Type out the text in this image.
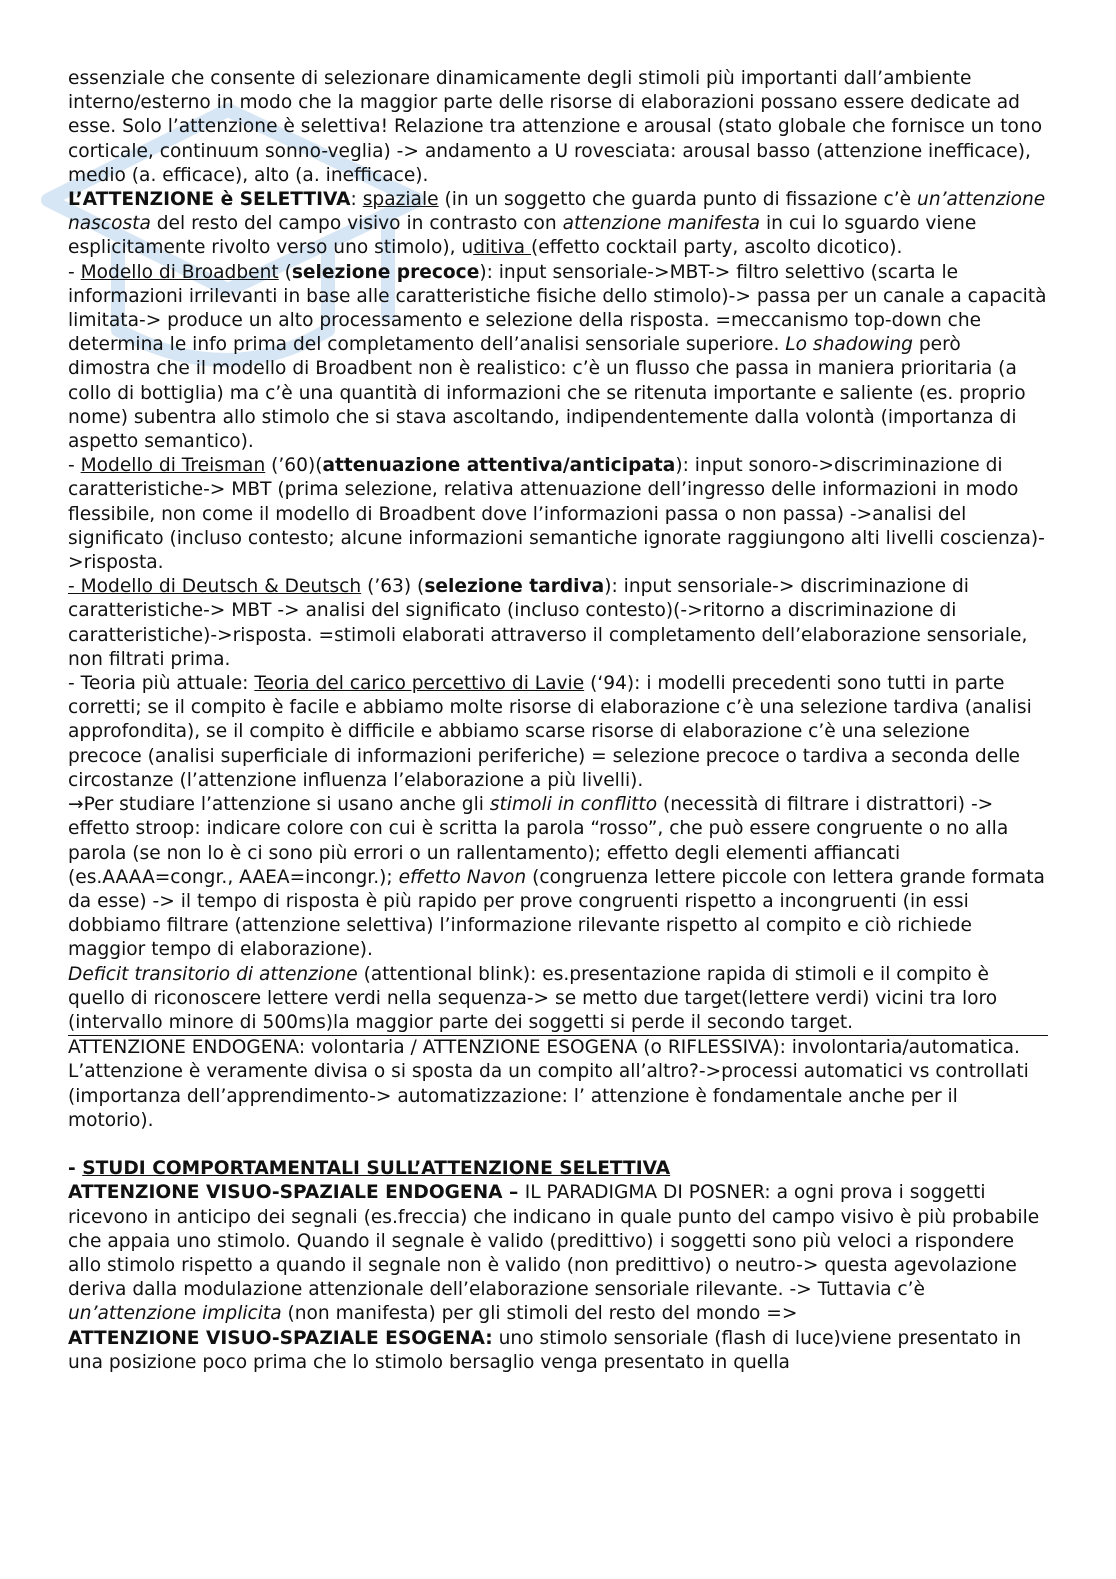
essenziale che consente di selezionare dinamicamente degli stimoli più importanti dall’ambiente interno/esterno in modo che la maggior parte delle risorse di elaborazioni possano essere dedicate ad esse. Solo l’attenzione è selettiva! Relazione tra attenzione e arousal (stato globale che fornisce un tono corticale, continuum sonno-veglia) -> andamento a U rovesciata: arousal basso (attenzione inefficace), medio (a. efficace), alto (a. inefficace).

L’ATTENZIONE è SELETTIVA: spaziale (in un soggetto che guarda punto di fissazione c’è un’attenzione nascosta del resto del campo visivo in contrasto con attenzione manifesta in cui lo sguardo viene esplicitamente rivolto verso uno stimolo), uditiva (effetto cocktail party, ascolto dicotico).

- Modello di Broadbent (selezione precoce): input sensoriale->MBT-> filtro selettivo (scarta le informazioni irrilevanti in base alle caratteristiche fisiche dello stimolo)-> passa per un canale a capacità limitata-> produce un alto processamento e selezione della risposta. =meccanismo top-down che determina le info prima del completamento dell’analisi sensoriale superiore. Lo shadowing però dimostra che il modello di Broadbent non è realistico: c’è un flusso che passa in maniera prioritaria (a collo di bottiglia) ma c’è una quantità di informazioni che se ritenuta importante e saliente (es. proprio nome) subentra allo stimolo che si stava ascoltando, indipendentemente dalla volontà (importanza di aspetto semantico).

- Modello di Treisman (’60)(attenuazione attentiva/anticipata): input sonoro->discriminazione di caratteristiche-> MBT (prima selezione, relativa attenuazione dell’ingresso delle informazioni in modo flessibile, non come il modello di Broadbent dove l’informazioni passa o non passa) ->analisi del significato (incluso contesto; alcune informazioni semantiche ignorate raggiungono alti livelli coscienza)->risposta.

- Modello di Deutsch & Deutsch (’63) (selezione tardiva): input sensoriale-> discriminazione di caratteristiche-> MBT -> analisi del significato (incluso contesto)(->ritorno a discriminazione di caratteristiche)->risposta. =stimoli elaborati attraverso il completamento dell’elaborazione sensoriale, non filtrati prima.

- Teoria più attuale: Teoria del carico percettivo di Lavie (‘94): i modelli precedenti sono tutti in parte corretti; se il compito è facile e abbiamo molte risorse di elaborazione c’è una selezione tardiva (analisi approfondita), se il compito è difficile e abbiamo scarse risorse di elaborazione c’è una selezione precoce (analisi superficiale di informazioni periferiche) = selezione precoce o tardiva a seconda delle circostanze (l’attenzione influenza l’elaborazione a più livelli).

→Per studiare l’attenzione si usano anche gli stimoli in conflitto (necessità di filtrare i distrattori) -> effetto stroop: indicare colore con cui è scritta la parola “rosso”, che può essere congruente o no alla parola (se non lo è ci sono più errori o un rallentamento); effetto degli elementi affiancati (es.AAAA=congr., AAEA=incongr.); effetto Navon (congruenza lettere piccole con lettera grande formata da esse) -> il tempo di risposta è più rapido per prove congruenti rispetto a incongruenti (in essi dobbiamo filtrare (attenzione selettiva) l’informazione rilevante rispetto al compito e ciò richiede maggior tempo di elaborazione).

Deficit transitorio di attenzione (attentional blink): es.presentazione rapida di stimoli e il compito è quello di riconoscere lettere verdi nella sequenza-> se metto due target(lettere verdi) vicini tra loro (intervallo minore di 500ms)la maggior parte dei soggetti si perde il secondo target.

ATTENZIONE ENDOGENA: volontaria / ATTENZIONE ESOGENA (o RIFLESSIVA): involontaria/automatica.

L’attenzione è veramente divisa o si sposta da un compito all’altro?->processi automatici vs controllati (importanza dell’apprendimento-> automatizzazione: l’ attenzione è fondamentale anche per il motorio).

- STUDI COMPORTAMENTALI SULL’ATTENZIONE SELETTIVA

ATTENZIONE VISUO-SPAZIALE ENDOGENA – IL PARADIGMA DI POSNER: a ogni prova i soggetti ricevono in anticipo dei segnali (es.freccia) che indicano in quale punto del campo visivo è più probabile che appaia uno stimolo. Quando il segnale è valido (predittivo) i soggetti sono più veloci a rispondere allo stimolo rispetto a quando il segnale non è valido (non predittivo) o neutro-> questa agevolazione deriva dalla modulazione attenzionale dell’elaborazione sensoriale rilevante. -> Tuttavia c’è un’attenzione implicita (non manifesta) per gli stimoli del resto del mondo =>

ATTENZIONE VISUO-SPAZIALE ESOGENA: uno stimolo sensoriale (flash di luce)viene presentato in una posizione poco prima che lo stimolo bersaglio venga presentato in quella
